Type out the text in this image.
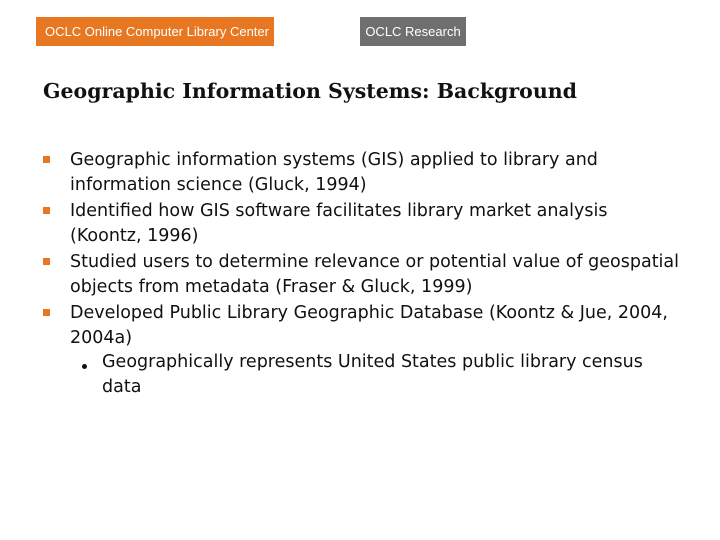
OCLC Online Computer Library Center	OCLC Research
Geographic Information Systems: Background
Geographic information systems (GIS) applied to library and information science (Gluck, 1994)
Identified how GIS software facilitates library market analysis (Koontz, 1996)
Studied users to determine relevance or potential value of geospatial objects from metadata (Fraser & Gluck, 1999)
Developed Public Library Geographic Database (Koontz & Jue, 2004, 2004a)
Geographically represents United States public library census data
